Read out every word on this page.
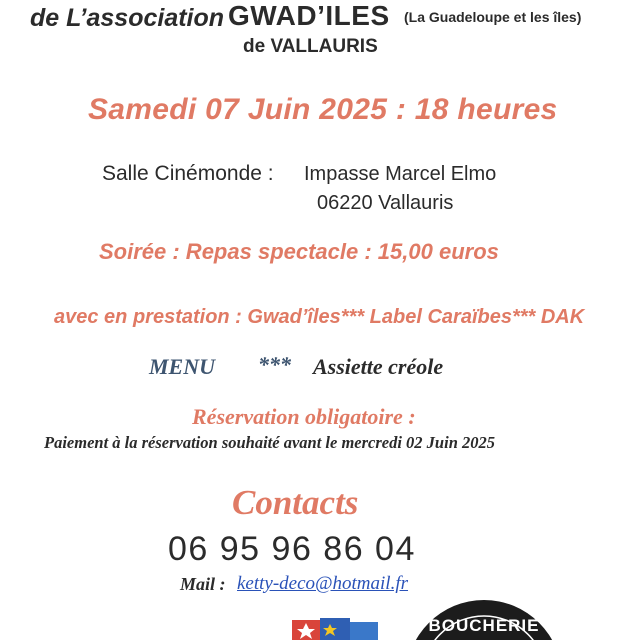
de L’association GWAD’ILES (La Guadeloupe et les îles)
de VALLAURIS
Samedi 07 Juin 2025 : 18 heures
Salle Cinémonde : Impasse Marcel Elmo
06220 Vallauris
Soirée : Repas spectacle : 15,00 euros
avec en prestation : Gwad’îles*** Label Caraïbes*** DAK
MENU *** Assiette créole
Réservation obligatoire :
Paiement à la réservation souhaité avant le mercredi 02 Juin 2025
Contacts
06 95 96 86 04
Mail : ketty-deco@hotmail.fr
BOUCHERIE
